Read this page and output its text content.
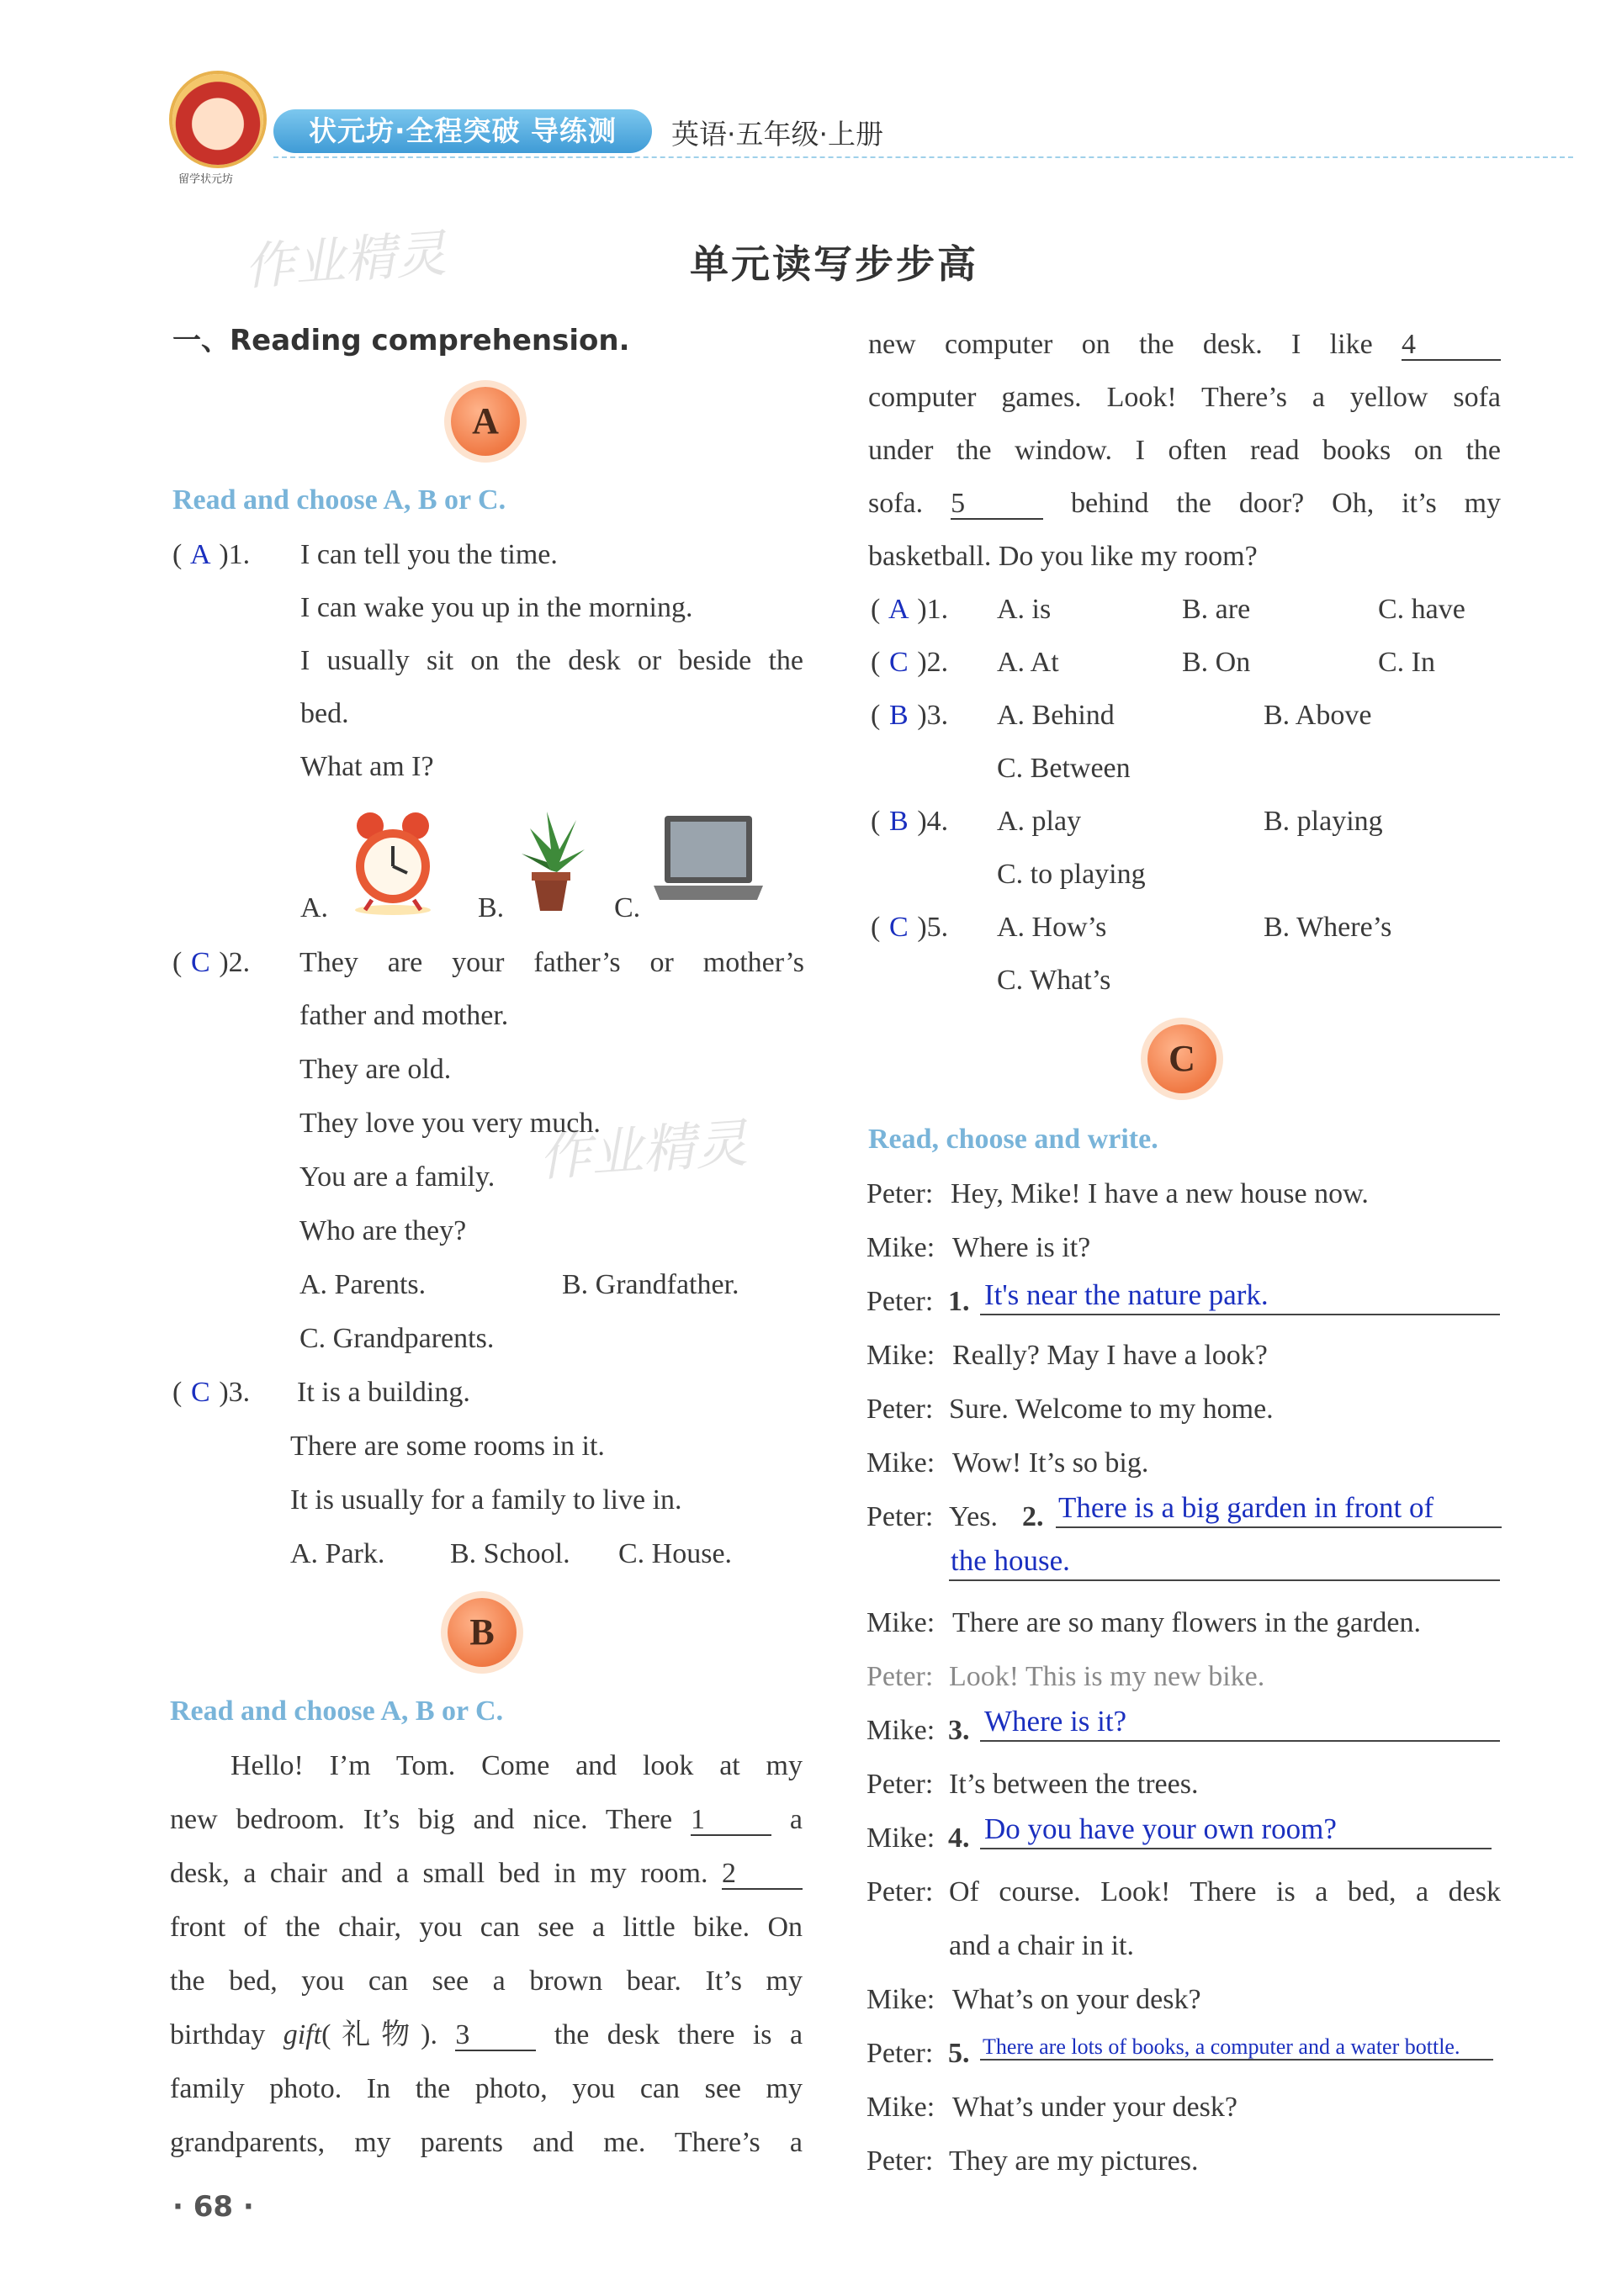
留学状元坊
状元坊·全程突破 导练测	英语·五年级·上册
作业精灵
作业精灵
单元读写步步高
一、Reading comprehension.
A
Read and choose A, B or C.
( A )1. I can tell you the time.
I can wake you up in the morning.
I usually sit on the desk or beside the
bed.
What am I?
A.	B.	C.
( C )2. They are your father’s or mother’s
father and mother.
They are old.
They love you very much.
You are a family.
Who are they?
A. Parents.	B. Grandfather.
C. Grandparents.
( C )3. It is a building.
There are some rooms in it.
It is usually for a family to live in.
A. Park. B. School. C. House.
B
Read and choose A, B or C.
Hello! I’m Tom. Come and look at my
new bedroom. It’s big and nice. There 1	a
desk, a chair and a small bed in my room. 2
front of the chair, you can see a little bike. On
the bed, you can see a brown bear. It’s my
birthday gift(礼物). 3	the desk there is a
family photo. In the photo, you can see my
grandparents, my parents and me. There’s a
· 68 ·
new computer on the desk. I like 4
computer games. Look! There’s a yellow sofa
under the window. I often read books on the
sofa. 5	behind the door? Oh, it’s my
basketball. Do you like my room?
( A )1. A. is	B. are	C. have
( C )2. A. At	B. On	C. In
( B )3. A. Behind	B. Above
C. Between
( B )4. A. play	B. playing
C. to playing
( C )5. A. How’s	B. Where’s
C. What’s
C
Read, choose and write.
Peter: Hey, Mike! I have a new house now.
Mike: Where is it?
Peter: 1. It's near the nature park.
Mike: Really? May I have a look?
Peter: Sure. Welcome to my home.
Mike: Wow! It’s so big.
Peter: Yes. 2. There is a big garden in front of
the house.
Mike: There are so many flowers in the garden.
Peter: Look! This is my new bike.
Mike: 3. Where is it?
Peter: It’s between the trees.
Mike: 4. Do you have your own room?
Peter: Of course. Look! There is a bed, a desk
and a chair in it.
Mike: What’s on your desk?
Peter: 5. There are lots of books, a computer and a water bottle.
Mike: What’s under your desk?
Peter: They are my pictures.
